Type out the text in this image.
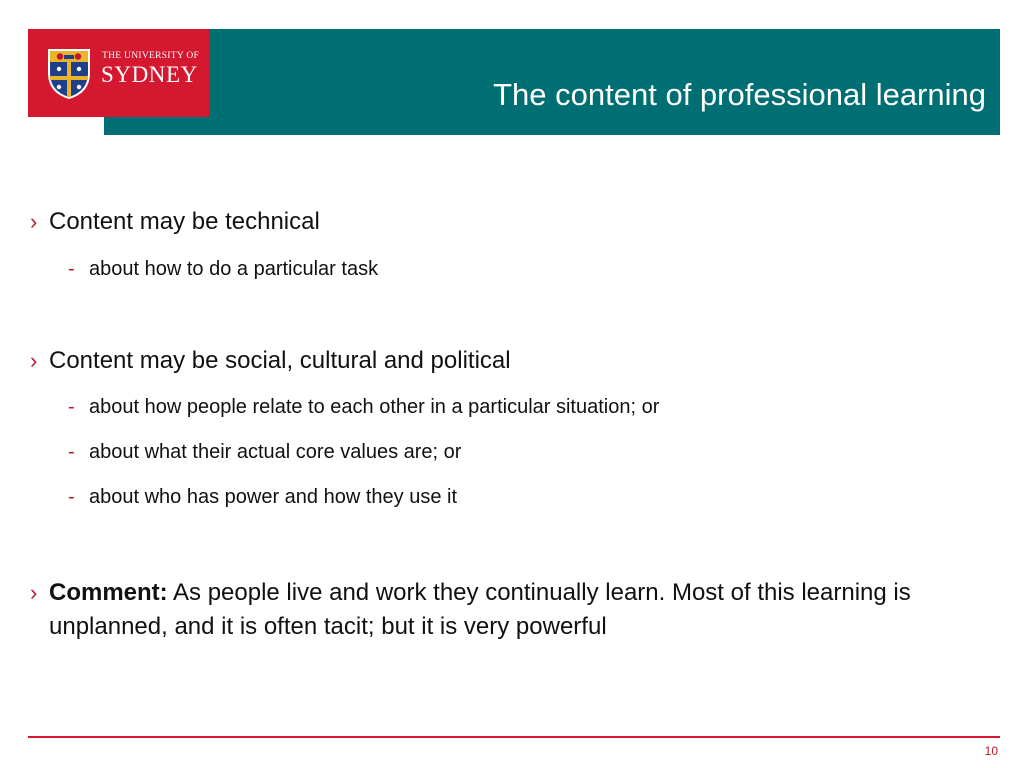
The content of professional learning
THE UNIVERSITY OF
SYDNEY
› Content may be technical
- about how to do a particular task
› Content may be social, cultural and political
- about how people relate to each other in a particular situation; or
- about what their actual core values are; or
- about who has power and how they use it
› Comment: As people live and work they continually learn. Most of this learning is unplanned, and it is often tacit; but it is very powerful
10
